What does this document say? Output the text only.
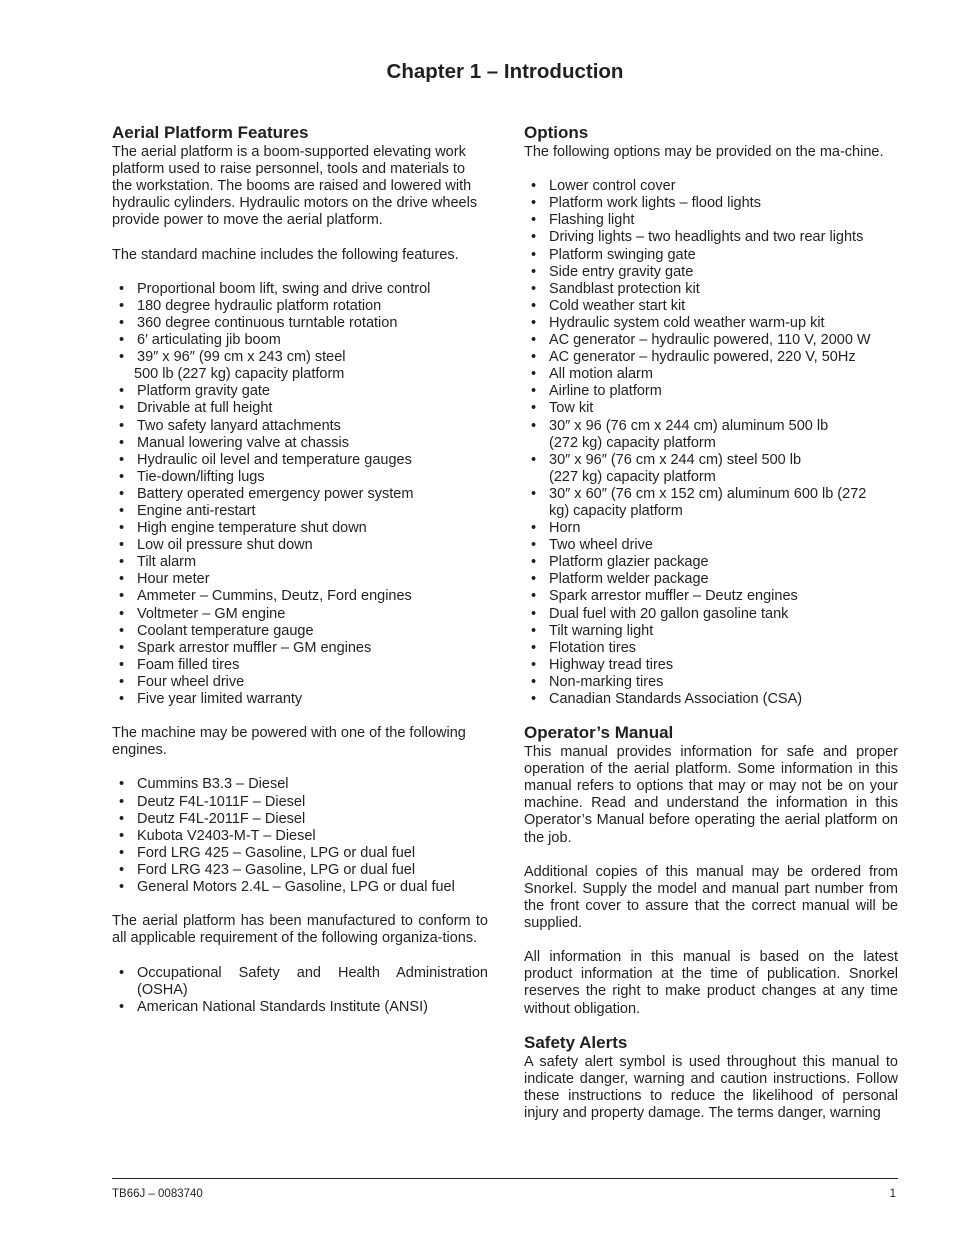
Chapter 1 – Introduction
Aerial Platform Features

The aerial platform is a boom-supported elevating work platform used to raise personnel, tools and materials to the workstation. The booms are raised and lowered with hydraulic cylinders. Hydraulic motors on the drive wheels provide power to move the aerial platform.

The standard machine includes the following features.

• Proportional boom lift, swing and drive control
• 180 degree hydraulic platform rotation
• 360 degree continuous turntable rotation
• 6′ articulating jib boom
• 39″ x 96″ (99 cm x 243 cm) steel
500 lb (227 kg) capacity platform
• Platform gravity gate
• Drivable at full height
• Two safety lanyard attachments
• Manual lowering valve at chassis
• Hydraulic oil level and temperature gauges
• Tie-down/lifting lugs
• Battery operated emergency power system
• Engine anti-restart
• High engine temperature shut down
• Low oil pressure shut down
• Tilt alarm
• Hour meter
• Ammeter – Cummins, Deutz, Ford engines
• Voltmeter – GM engine
• Coolant temperature gauge
• Spark arrestor muffler – GM engines
• Foam filled tires
• Four wheel drive
• Five year limited warranty

The machine may be powered with one of the following engines.

• Cummins B3.3 – Diesel
• Deutz F4L-1011F – Diesel
• Deutz F4L-2011F – Diesel
• Kubota V2403-M-T – Diesel
• Ford LRG 425 – Gasoline, LPG or dual fuel
• Ford LRG 423 – Gasoline, LPG or dual fuel
• General Motors 2.4L – Gasoline, LPG or dual fuel

The aerial platform has been manufactured to conform to all applicable requirement of the following organiza-tions.

• Occupational Safety and Health Administration (OSHA)
• American National Standards Institute (ANSI)
Options

The following options may be provided on the ma-chine.

• Lower control cover
• Platform work lights – flood lights
• Flashing light
• Driving lights – two headlights and two rear lights
• Platform swinging gate
• Side entry gravity gate
• Sandblast protection kit
• Cold weather start kit
• Hydraulic system cold weather warm-up kit
• AC generator – hydraulic powered, 110 V, 2000 W
• AC generator – hydraulic powered, 220 V, 50Hz
• All motion alarm
• Airline to platform
• Tow kit
• 30″ x 96 (76 cm x 244 cm) aluminum 500 lb (272 kg) capacity platform
• 30″ x 96″ (76 cm x 244 cm) steel 500 lb (227 kg) capacity platform
• 30″ x 60″ (76 cm x 152 cm) aluminum 600 lb (272 kg) capacity platform
• Horn
• Two wheel drive
• Platform glazier package
• Platform welder package
• Spark arrestor muffler – Deutz engines
• Dual fuel with 20 gallon gasoline tank
• Tilt warning light
• Flotation tires
• Highway tread tires
• Non-marking tires
• Canadian Standards Association (CSA)
Operator’s Manual

This manual provides information for safe and proper operation of the aerial platform. Some information in this manual refers to options that may or may not be on your machine. Read and understand the information in this Operator’s Manual before operating the aerial platform on the job.

Additional copies of this manual may be ordered from Snorkel. Supply the model and manual part number from the front cover to assure that the correct manual will be supplied.

All information in this manual is based on the latest product information at the time of publication. Snorkel reserves the right to make product changes at any time without obligation.

Safety Alerts

A safety alert symbol is used throughout this manual to indicate danger, warning and caution instructions. Follow these instructions to reduce the likelihood of personal injury and property damage. The terms danger, warning

TB66J – 0083740	1
